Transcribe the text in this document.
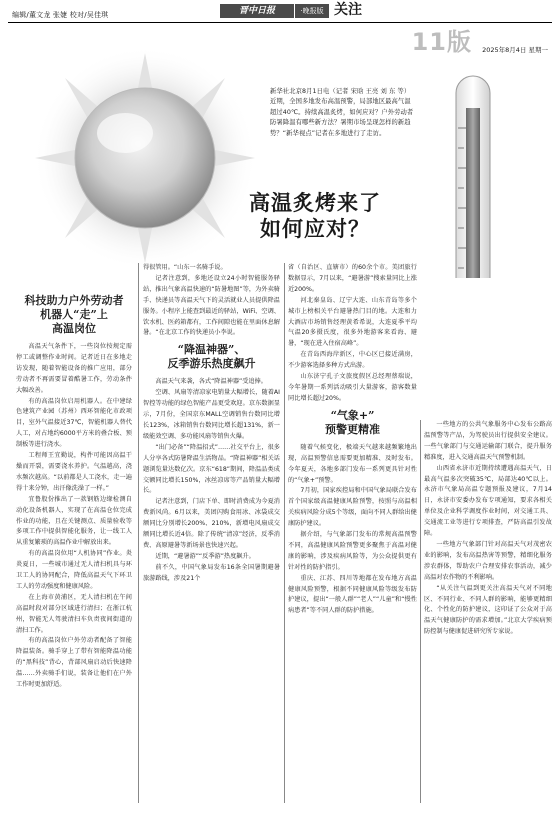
编辑/董文龙 张婕 校对/吴佳琪	晋中日报	·晚报版 关注
11版 2025年8月4日 星期一
新华社北京8月1日电（记者 宋晗 王亮 刘 东 等）近期，全国多地发布高温预警，局部地区最高气温超过40℃。持续高温炙烤，如何应对？户外劳动者防暑降温有哪些新方法？暑期市场呈现怎样的新趋势？“新华视点”记者在多地进行了走访。
高温炙烤来了
如何应对？
科技助力户外劳动者
机器人“走”上
高温岗位

高温天气条件下，一些岗位按规定需停工或调整作业时间。记者近日在多地走访发现，随着智能设备的推广应用，部分劳动者不再需要冒着酷暑工作，劳动条件大幅改善。

有的高温岗位启用机器人。在中建绿色建筑产业园（苏州）西环智能化市政项目，室外气温接近37℃，智能机器人替代人工，对占地约6000平方米的叠合板、预制板等进行浇水。

工程师王宜勤说，构件可能因高温干燥而开裂，需要浇水养护。气温越高，浇水频次越高。“以前都是人工浇水，走一遍得十来分钟，出汗像洗澡了一样。”

宜鲁股份推出了一款钢筋边缘检测自动化设备机器人，实现了在高温仓位完成作业的功能，且在关键测点、质量验收等多项工作中提供智能化服务，让一线工人从重复繁琐的高温作业中解放出来。

有的高温岗位用“人机协同”作业。炎炎夏日，一些城市通过无人清扫机具与环卫工人的协同配合，降低高温天气下环卫工人的劳动强度和健康风险。

在上海市黄浦区，无人清扫机在午间高温时段对部分区域进行清扫；在浙江杭州，智能无人驾驶清扫车负责夜间街道的清扫工作。

有的高温岗位户外劳动者配备了智能降温装备。骑手穿上了带有智能降温功能的“黑科技”背心，背部风扇启动后快速降温……外卖骑手们说，装备让他们在户外工作时更加舒适。

得很管用。“山东一名骑手说。

记者注意到，多地还设立24小时智能服务驿站，推出气象高温快速的“防暑地图”等，为外卖骑手、快递员等高温天气下的灵活就业人员提供降温服务。小程序上能查到最近的驿站，WiFi、空调、饮水机、医药箱都有，工作间隙也能在里面休息解暑。“在北京工作的快递员小李说。

“降温神器”、
反季游乐热度飙升

高温天气来袭，各式“降温神器”受追捧。

空调、风扇等清凉家电销量大幅增长，随着AI智控等功能的绿色智能产品更受欢迎。京东数据显示，7月份，全国京东MALL空调销售台数同比增长123%，冰箱销售台数同比增长超131%，新一级能效空调、多功能风扇等销售火爆。

“出门必备”“降温招式”……社交平台上，很多人分享各式防暑降温生活物品。“降温神器”相关话题浏览量达数亿次。京东“618”期间，降温品类成交额同比增长150%，冰丝凉席等产品销量大幅增长。

记者注意到，门店下单、即时消费成为今夏消费新风尚。6月以来，美团闪购食用冰、冰袋成交额同比分别增长200%、210%，新增电风扇成交额同比增长近4倍。除了传统“清凉”经济，反季消费、高原避暑等新场景也快速兴起。

近期，“避暑游”“反季游”热度飙升。

前不久，中国气象局发布16条全国暑期避暑旅游路线，涉及21个

省（自治区、直辖市）的60余个市。美团旅行数据显示，7月以来，“避暑游”搜索量同比上涨近200%。

河北秦皇岛、辽宁大连、山东青岛等多个城市上榜相关平台避暑热门目的地。大连和力大酒店市场销售经理黄希希说，大连夏季平均气温20多摄氏度，很多外地游客来看海、避暑，“现在进入住宿高峰”。

在青岛西海岸新区，中心区已接近满房，不少游客选择多种方式出游。

山东济宁孔子文旅度假区总经理蔡瑞说，今年暑期一系列活动吸引大量游客，游客数量同比增长超过20%。

“气象+”
预警更精准

随着气候变化，极端天气越来越频繁地出现，高温预警信息需要更加精准、及时发布。今年夏天，各地多部门发布一系列更具针对性的“气象+”预警。

7月初，国家疾控局和中国气象局联合发布首个国家级高温健康风险预警，按照与高温相关疾病风险分成5个等级，面向不同人群给出健康防护建议。

据介绍，与气象部门发布的常规高温预警不同，高温健康风险预警更多聚焦于高温对健康的影响，涉及疾病风险等，为公众提供更有针对性的防护指引。

重庆、江苏、四川等地都在发布地方高温健康风险预警，根据不同健康风险等级发布防护建议，提出“一般人群”“老人”“儿童”和“慢性病患者”等不同人群的防护措施。

一些地方的公共气象服务中心发布公路高温预警等产品，为驾驶员出行提供安全建议。一些气象部门与交通运输部门联合，提升服务精准度，进入交通高温天气预警机制。

山西省永济市近期持续遭遇高温天气，日最高气温多次突破35℃，局部达40℃以上。永济市气象局高温专题预报及建议，7月14日，永济市安委办发布专项通知，要求各相关单位及企业科学调度作业时间，对交通工具、交通流工业等进行专项排查，严防高温引发故障。

一些地方气象部门针对高温天气对茂密农业的影响，发布高温热害等预警，精细化服务涉农群体，帮助农户合理安排农事活动，减少高温对农作物的不利影响。

“从关注气温到更关注高温天气对不同地区、不同行业、不同人群的影响，能够更精细化、个性化的防护建议，这印证了公众对于高温天气健康防护的需求增加。”北京大学疾病预防控制与健康促进研究所专家说。
